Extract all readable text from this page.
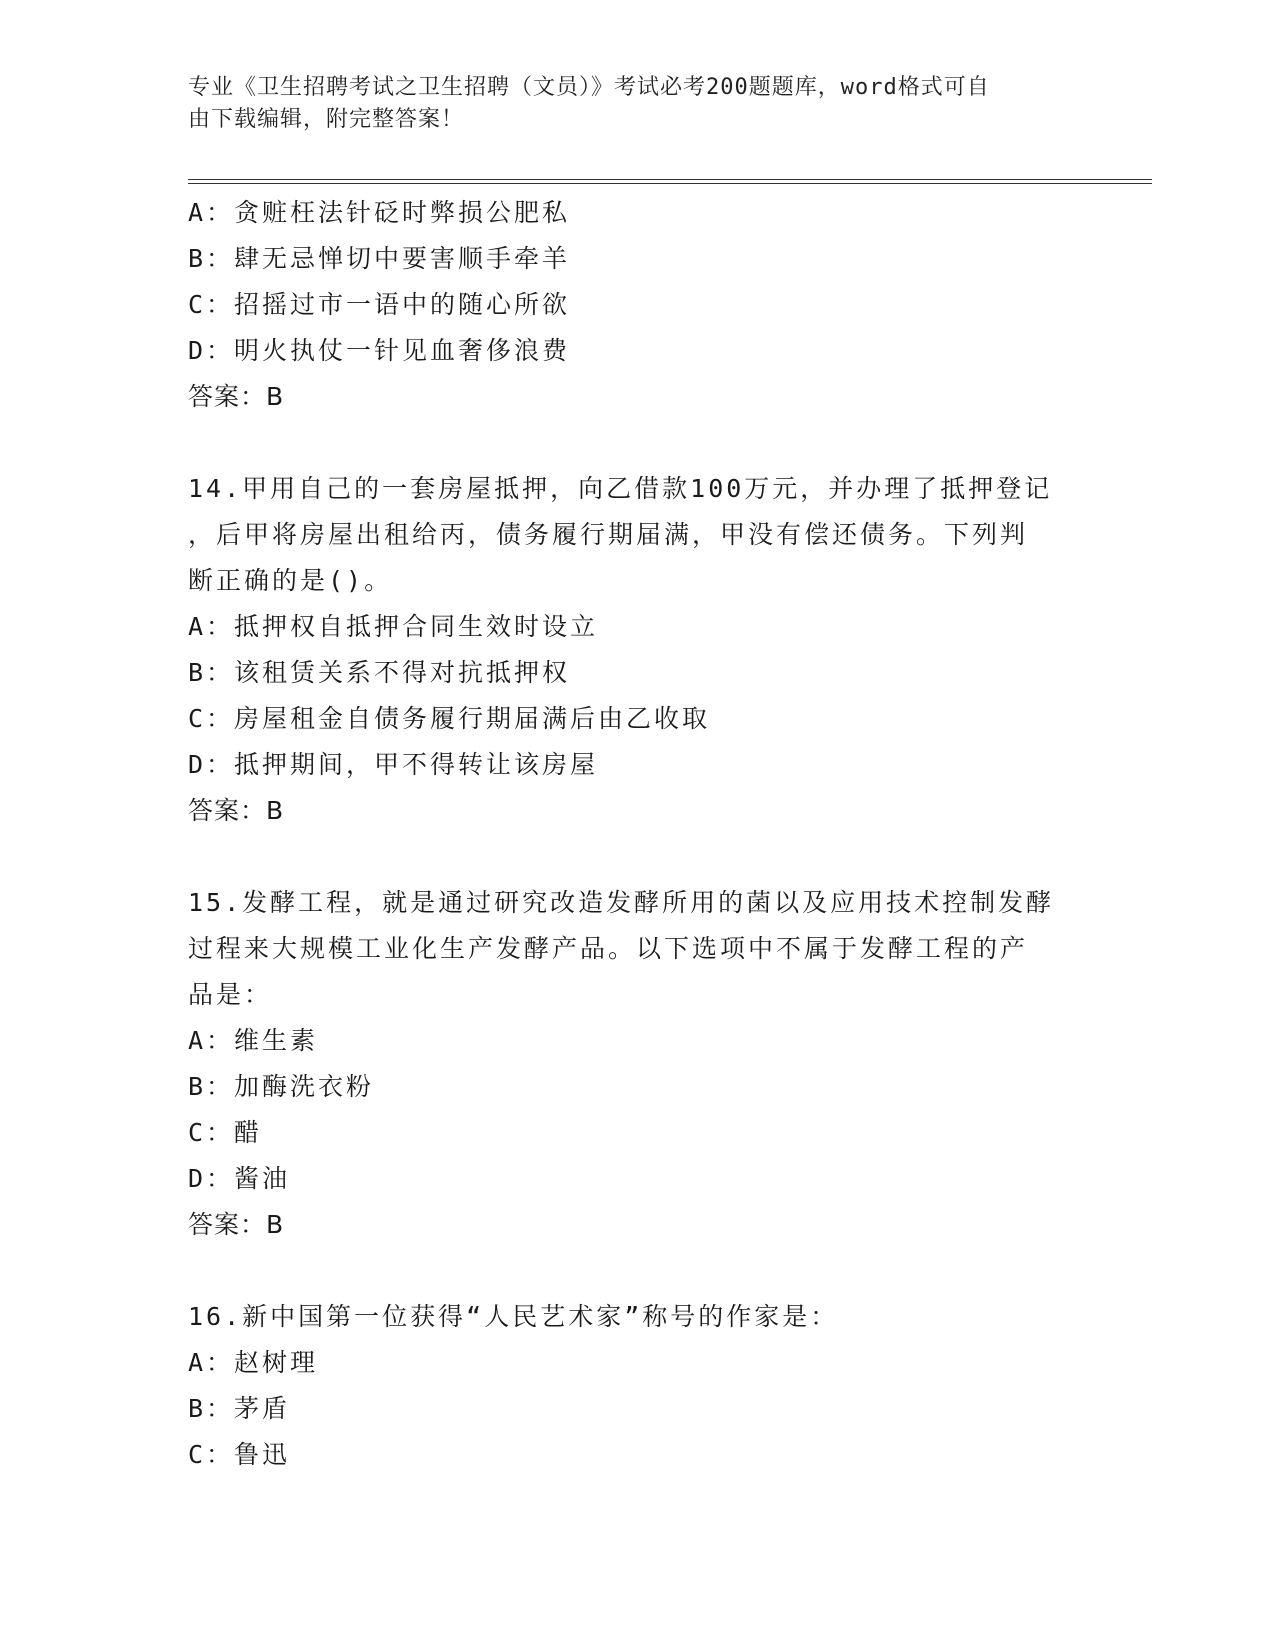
专业《卫生招聘考试之卫生招聘（文员）》考试必考200题题库，word格式可自
由下载编辑，附完整答案！
A：贪赃枉法针砭时弊损公肥私
B：肆无忌惮切中要害顺手牵羊
C：招摇过市一语中的随心所欲
D：明火执仗一针见血奢侈浪费
答案：B
14.甲用自己的一套房屋抵押，向乙借款100万元，并办理了抵押登记
，后甲将房屋出租给丙，债务履行期届满，甲没有偿还债务。下列判
断正确的是()。
A：抵押权自抵押合同生效时设立
B：该租赁关系不得对抗抵押权
C：房屋租金自债务履行期届满后由乙收取
D：抵押期间，甲不得转让该房屋
答案：B
15.发酵工程，就是通过研究改造发酵所用的菌以及应用技术控制发酵
过程来大规模工业化生产发酵产品。以下选项中不属于发酵工程的产
品是：
A：维生素
B：加酶洗衣粉
C：醋
D：酱油
答案：B
16.新中国第一位获得“人民艺术家”称号的作家是：
A：赵树理
B：茅盾
C：鲁迅
